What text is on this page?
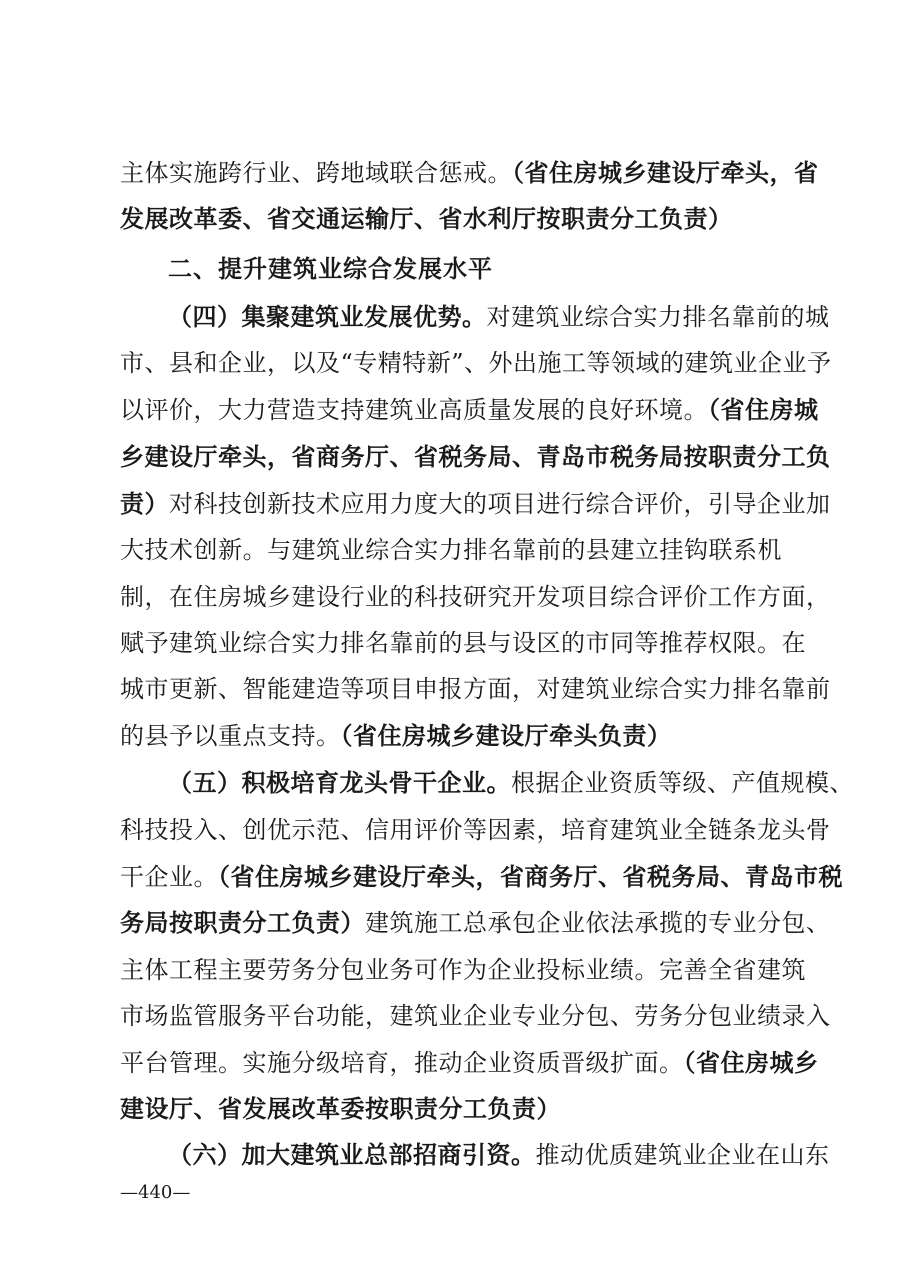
主体实施跨行业、跨地域联合惩戒。（省住房城乡建设厅牵头，省

发展改革委、省交通运输厅、省水利厅按职责分工负责）

二、提升建筑业综合发展水平

（四）集聚建筑业发展优势。对建筑业综合实力排名靠前的城

市、县和企业，以及“专精特新”、外出施工等领域的建筑业企业予

以评价，大力营造支持建筑业高质量发展的良好环境。（省住房城

乡建设厅牵头，省商务厅、省税务局、青岛市税务局按职责分工负

责）对科技创新技术应用力度大的项目进行综合评价，引导企业加

大技术创新。与建筑业综合实力排名靠前的县建立挂钩联系机

制，在住房城乡建设行业的科技研究开发项目综合评价工作方面，

赋予建筑业综合实力排名靠前的县与设区的市同等推荐权限。在

城市更新、智能建造等项目申报方面，对建筑业综合实力排名靠前

的县予以重点支持。（省住房城乡建设厅牵头负责）

（五）积极培育龙头骨干企业。根据企业资质等级、产值规模、

科技投入、创优示范、信用评价等因素，培育建筑业全链条龙头骨

干企业。（省住房城乡建设厅牵头，省商务厅、省税务局、青岛市税

务局按职责分工负责）建筑施工总承包企业依法承揽的专业分包、

主体工程主要劳务分包业务可作为企业投标业绩。完善全省建筑

市场监管服务平台功能，建筑业企业专业分包、劳务分包业绩录入

平台管理。实施分级培育，推动企业资质晋级扩面。（省住房城乡

建设厅、省发展改革委按职责分工负责）

（六）加大建筑业总部招商引资。推动优质建筑业企业在山东

—440—
